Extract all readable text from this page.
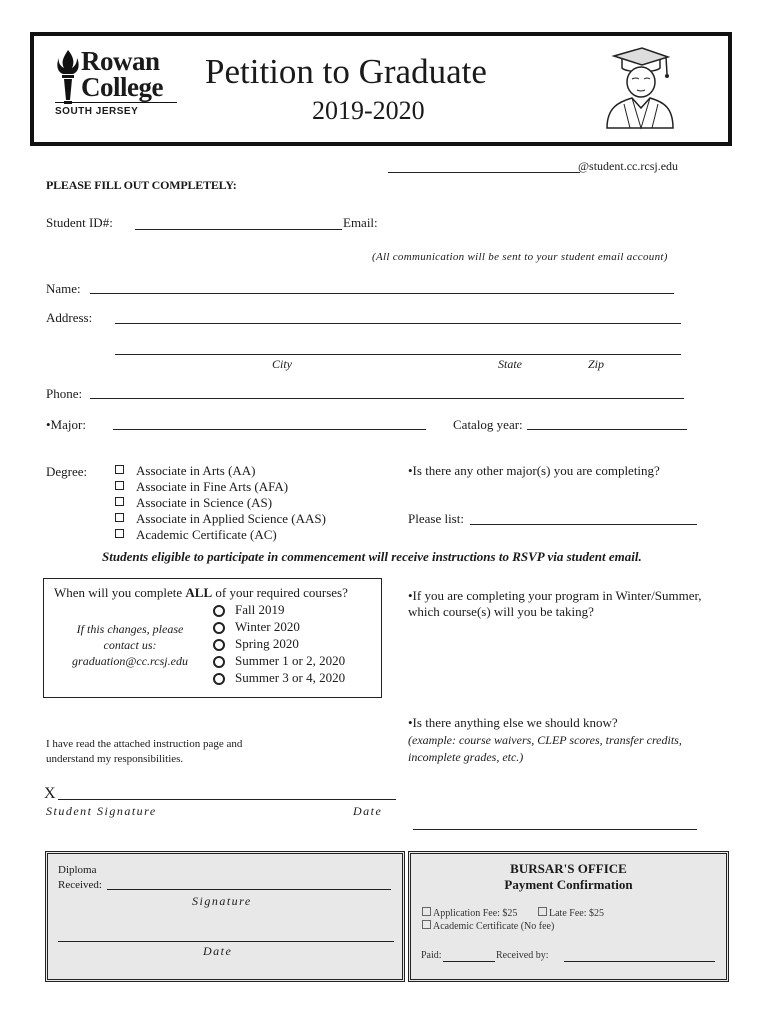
Rowan
College
SOUTH JERSEY
Petition to Graduate
2019-2020
@student.cc.rcsj.edu
PLEASE FILL OUT COMPLETELY:
Student ID#:	Email:
(All communication will be sent to your student email account)
Name:
Address:
City	State	Zip
Phone:
•Major:	Catalog year:
Degree:	Associate in Arts (AA)
Associate in Fine Arts (AFA)
Associate in Science (AS)
Associate in Applied Science (AAS)
Academic Certificate (AC)
•Is there any other major(s) you are completing?
Please list:
Students eligible to participate in commencement will receive instructions to RSVP via student email.
When will you complete ALL of your required courses?
If this changes, please
contact us:
graduation@cc.rcsj.edu
Fall 2019
Winter 2020
Spring 2020
Summer 1 or 2, 2020
Summer 3 or 4, 2020
•If you are completing your program in Winter/Summer,
which course(s) will you be taking?
•Is there anything else we should know?
(example: course waivers, CLEP scores, transfer credits,
incomplete grades, etc.)
I have read the attached instruction page and
understand my responsibilities.
X
Student Signature	Date
Diploma
Received:
Signature
Date
BURSAR'S OFFICE
Payment Confirmation
Application Fee: $25	Late Fee: $25
Academic Certificate (No fee)
Paid:	Received by:
